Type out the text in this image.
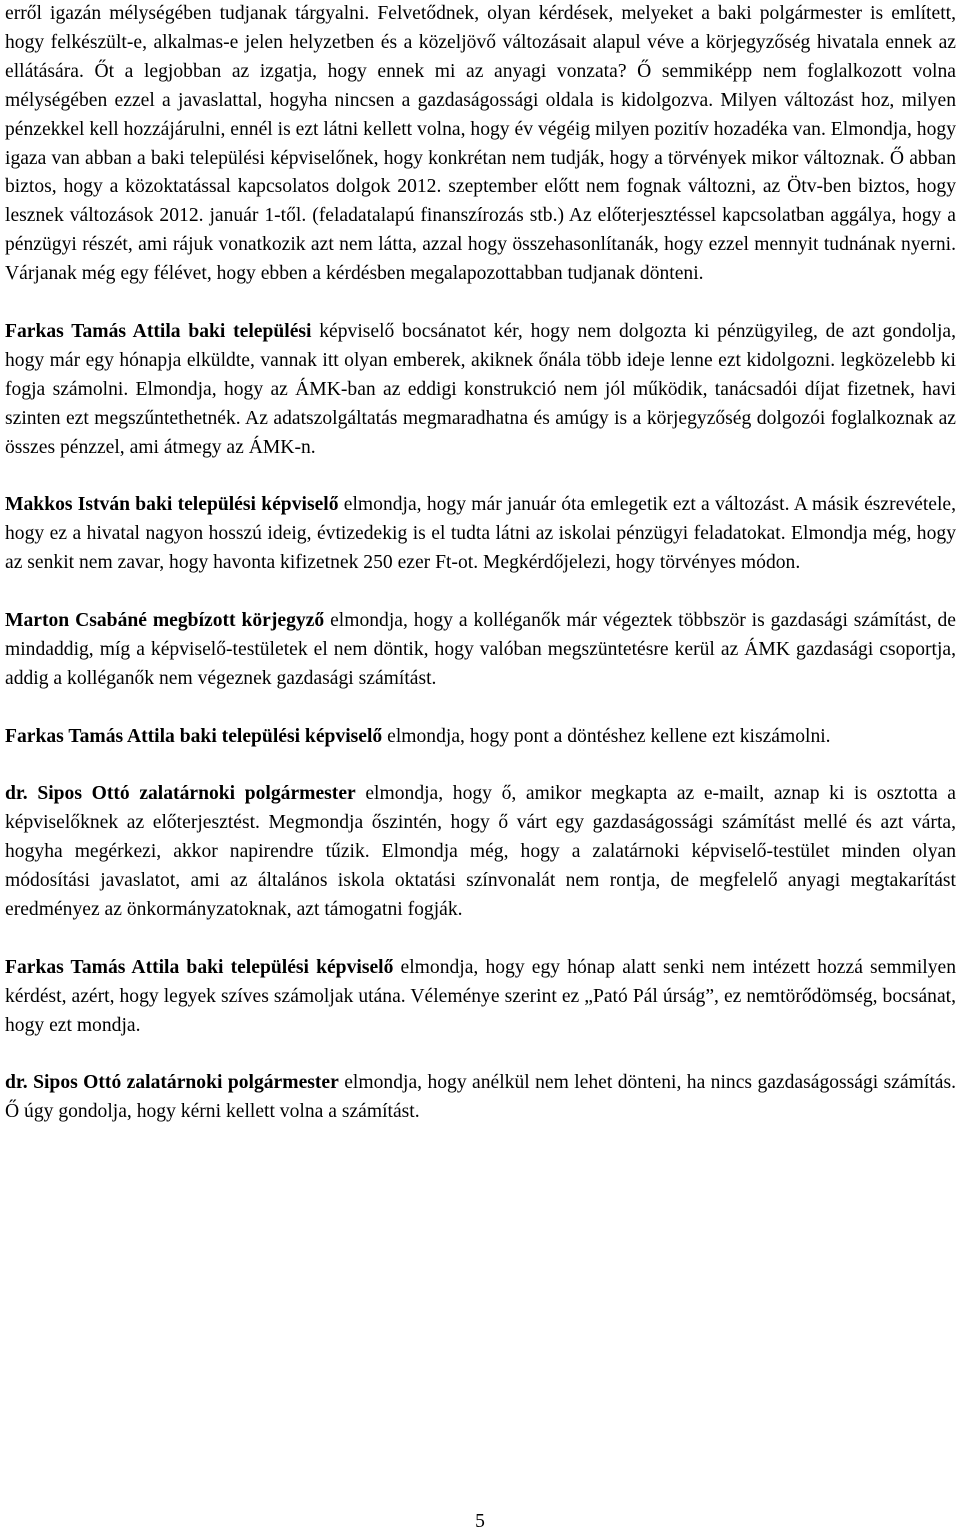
erről igazán mélységében tudjanak tárgyalni. Felvetődnek, olyan kérdések, melyeket a baki polgármester is említett, hogy felkészült-e, alkalmas-e jelen helyzetben és a közeljövő változásait alapul véve a körjegyzőség hivatala ennek az ellátására. Őt a legjobban az izgatja, hogy ennek mi az anyagi vonzata? Ő semmiképp nem foglalkozott volna mélységében ezzel a javaslattal, hogyha nincsen a gazdaságossági oldala is kidolgozva. Milyen változást hoz, milyen pénzekkel kell hozzájárulni, ennél is ezt látni kellett volna, hogy év végéig milyen pozitív hozadéka van. Elmondja, hogy igaza van abban a baki települési képviselőnek, hogy konkrétan nem tudják, hogy a törvények mikor változnak. Ő abban biztos, hogy a közoktatással kapcsolatos dolgok 2012. szeptember előtt nem fognak változni, az Ötv-ben biztos, hogy lesznek változások 2012. január 1-től. (feladatalapú finanszírozás stb.) Az előterjesztéssel kapcsolatban aggálya, hogy a pénzügyi részét, ami rájuk vonatkozik azt nem látta, azzal hogy összehasonlítanák, hogy ezzel mennyit tudnának nyerni. Várjanak még egy félévet, hogy ebben a kérdésben megalapozottabban tudjanak dönteni.

Farkas Tamás Attila baki települési képviselő bocsánatot kér, hogy nem dolgozta ki pénzügyileg, de azt gondolja, hogy már egy hónapja elküldte, vannak itt olyan emberek, akiknek őnála több ideje lenne ezt kidolgozni. legközelebb ki fogja számolni. Elmondja, hogy az ÁMK-ban az eddigi konstrukció nem jól működik, tanácsadói díjat fizetnek, havi szinten ezt megszűntethetnék. Az adatszolgáltatás megmaradhatna és amúgy is a körjegyzőség dolgozói foglalkoznak az összes pénzzel, ami átmegy az ÁMK-n.

Makkos István baki települési képviselő elmondja, hogy már január óta emlegetik ezt a változást. A másik észrevétele, hogy ez a hivatal nagyon hosszú ideig, évtizedekig is el tudta látni az iskolai pénzügyi feladatokat. Elmondja még, hogy az senkit nem zavar, hogy havonta kifizetnek 250 ezer Ft-ot. Megkérdőjelezi, hogy törvényes módon.

Marton Csabáné megbízott körjegyző elmondja, hogy a kolléganők már végeztek többször is gazdasági számítást, de mindaddig, míg a képviselő-testületek el nem döntik, hogy valóban megszüntetésre kerül az ÁMK gazdasági csoportja, addig a kolléganők nem végeznek gazdasági számítást.

Farkas Tamás Attila baki települési képviselő elmondja, hogy pont a döntéshez kellene ezt kiszámolni.

dr. Sipos Ottó zalatárnoki polgármester elmondja, hogy ő, amikor megkapta az e-mailt, aznap ki is osztotta a képviselőknek az előterjesztést. Megmondja őszintén, hogy ő várt egy gazdaságossági számítást mellé és azt várta, hogyha megérkezi, akkor napirendre tűzik. Elmondja még, hogy a zalatárnoki képviselő-testület minden olyan módosítási javaslatot, ami az általános iskola oktatási színvonalát nem rontja, de megfelelő anyagi megtakarítást eredményez az önkormányzatoknak, azt támogatni fogják.

Farkas Tamás Attila baki települési képviselő elmondja, hogy egy hónap alatt senki nem intézett hozzá semmilyen kérdést, azért, hogy legyek szíves számoljak utána. Véleménye szerint ez „Pató Pál úrság”, ez nemtörődömség, bocsánat, hogy ezt mondja.

dr. Sipos Ottó zalatárnoki polgármester elmondja, hogy anélkül nem lehet dönteni, ha nincs gazdaságossági számítás. Ő úgy gondolja, hogy kérni kellett volna a számítást.

5
